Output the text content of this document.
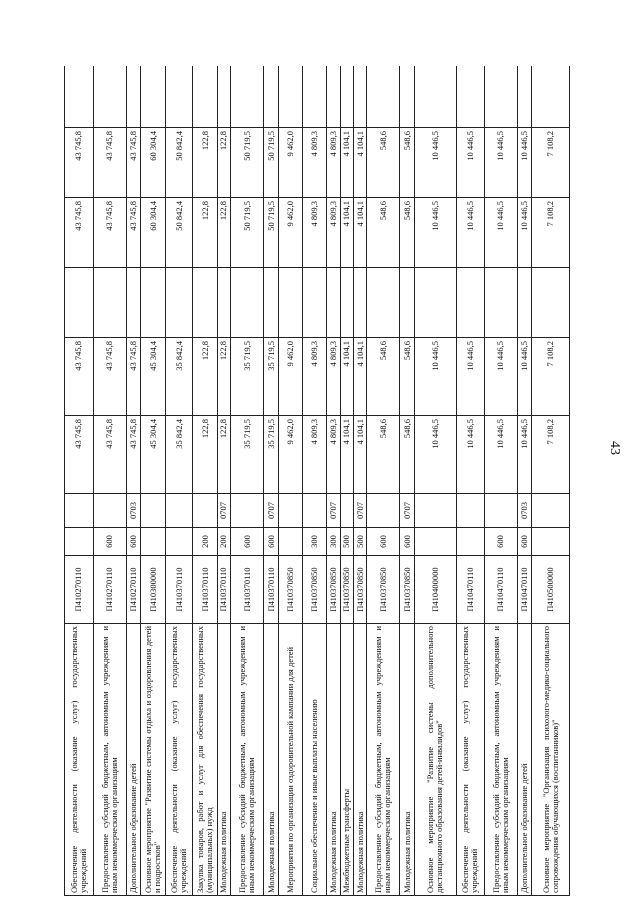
43
Обеспечение деятельности (оказание услуг) государственных учреждений	П410270110			43 745,8	43 745,8		43 745,8	43 745,8	
Предоставление субсидий бюджетным, автономным учреждениям и иным некоммерческим организациям	П410270110	600		43 745,8	43 745,8		43 745,8	43 745,8	
Дополнительное образование детей	П410270110	600	0703	43 745,8	43 745,8		43 745,8	43 745,8	
Основное мероприятие "Развитие системы отдыха и оздоровления детей и подростков"	П410300000			45 304,4	45 304,4		60 304,4	60 304,4	
Обеспечение деятельности (оказание услуг) государственных учреждений	П410370110			35 842,4	35 842,4		50 842,4	50 842,4	
Закупка товаров, работ и услуг для обеспечения государственных (муниципальных) нужд	П410370110	200		122,8	122,8		122,8	122,8	
Молодежная политика	П410370110	200	0707	122,8	122,8		122,8	122,8	
Предоставление субсидий бюджетным, автономным учреждениям и иным некоммерческим организациям	П410370110	600		35 719,5	35 719,5		50 719,5	50 719,5	
Молодежная политика	П410370110	600	0707	35 719,5	35 719,5		50 719,5	50 719,5	
Мероприятия по организации оздоровительной кампании для детей	П410370850			9 462,0	9 462,0		9 462,0	9 462,0	
Социальное обеспечение и иные выплаты населению	П410370850	300		4 809,3	4 809,3		4 809,3	4 809,3	
Молодежная политика	П410370850	300	0707	4 809,3	4 809,3		4 809,3	4 809,3	
Межбюджетные трансферты	П410370850	500		4 104,1	4 104,1		4 104,1	4 104,1	
Молодежная политика	П410370850	500	0707	4 104,1	4 104,1		4 104,1	4 104,1	
Предоставление субсидий бюджетным, автономным учреждениям и иным некоммерческим организациям	П410370850	600		548,6	548,6		548,6	548,6	
Молодежная политика	П410370850	600	0707	548,6	548,6		548,6	548,6	
Основное мероприятие "Развитие системы дополнительного дистанционного образования детей-инвалидов"	П410400000			10 446,5	10 446,5		10 446,5	10 446,5	
Обеспечение деятельности (оказание услуг) государственных учреждений	П410470110			10 446,5	10 446,5		10 446,5	10 446,5	
Предоставление субсидий бюджетным, автономным учреждениям и иным некоммерческим организациям	П410470110	600		10 446,5	10 446,5		10 446,5	10 446,5	
Дополнительное образование детей	П410470110	600	0703	10 446,5	10 446,5		10 446,5	10 446,5	
Основное мероприятие "Организация психолого-медико-социального сопровождения обучающихся (воспитанников)"	П410500000			7 108,2	7 108,2		7 108,2	7 108,2	
